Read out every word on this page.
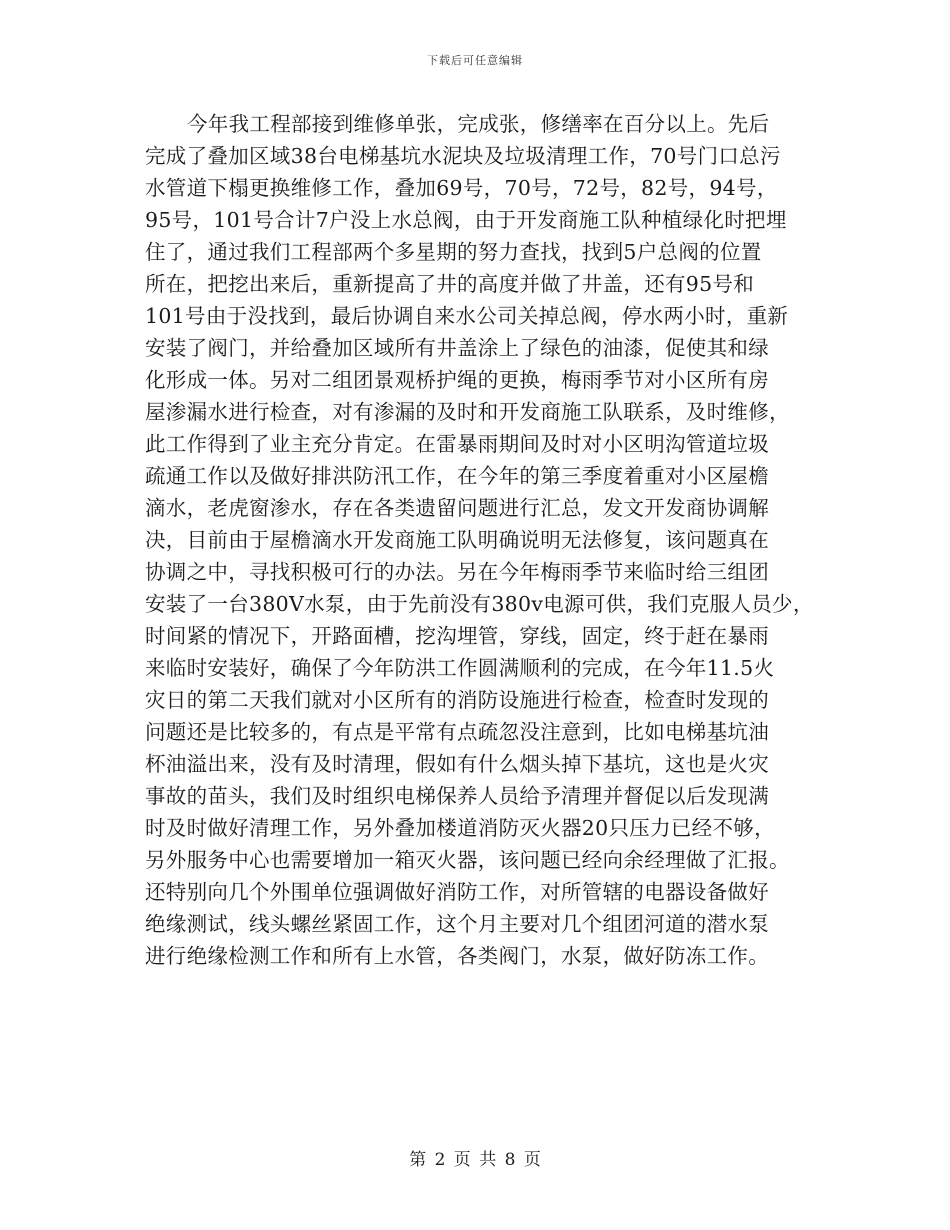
下载后可任意编辑
今年我工程部接到维修单张，完成张，修缮率在百分以上。先后
完成了叠加区域38台电梯基坑水泥块及垃圾清理工作，70号门口总污
水管道下榻更换维修工作，叠加69号，70号，72号，82号，94号，
95号，101号合计7户没上水总阀，由于开发商施工队种植绿化时把埋
住了，通过我们工程部两个多星期的努力查找，找到5户总阀的位置
所在，把挖出来后，重新提高了井的高度并做了井盖，还有95号和
101号由于没找到，最后协调自来水公司关掉总阀，停水两小时，重新
安装了阀门，并给叠加区域所有井盖涂上了绿色的油漆，促使其和绿
化形成一体。另对二组团景观桥护绳的更换，梅雨季节对小区所有房
屋渗漏水进行检查，对有渗漏的及时和开发商施工队联系，及时维修，
此工作得到了业主充分肯定。在雷暴雨期间及时对小区明沟管道垃圾
疏通工作以及做好排洪防汛工作，在今年的第三季度着重对小区屋檐
滴水，老虎窗渗水，存在各类遗留问题进行汇总，发文开发商协调解
决，目前由于屋檐滴水开发商施工队明确说明无法修复，该问题真在
协调之中，寻找积极可行的办法。另在今年梅雨季节来临时给三组团
安装了一台380V水泵，由于先前没有380v电源可供，我们克服人员少，
时间紧的情况下，开路面槽，挖沟埋管，穿线，固定，终于赶在暴雨
来临时安装好，确保了今年防洪工作圆满顺利的完成，在今年11.5火
灾日的第二天我们就对小区所有的消防设施进行检查，检查时发现的
问题还是比较多的，有点是平常有点疏忽没注意到，比如电梯基坑油
杯油溢出来，没有及时清理，假如有什么烟头掉下基坑，这也是火灾
事故的苗头，我们及时组织电梯保养人员给予清理并督促以后发现满
时及时做好清理工作，另外叠加楼道消防灭火器20只压力已经不够，
另外服务中心也需要增加一箱灭火器，该问题已经向余经理做了汇报。
还特别向几个外围单位强调做好消防工作，对所管辖的电器设备做好
绝缘测试，线头螺丝紧固工作，这个月主要对几个组团河道的潜水泵
进行绝缘检测工作和所有上水管，各类阀门，水泵，做好防冻工作。
第 2 页 共 8 页
